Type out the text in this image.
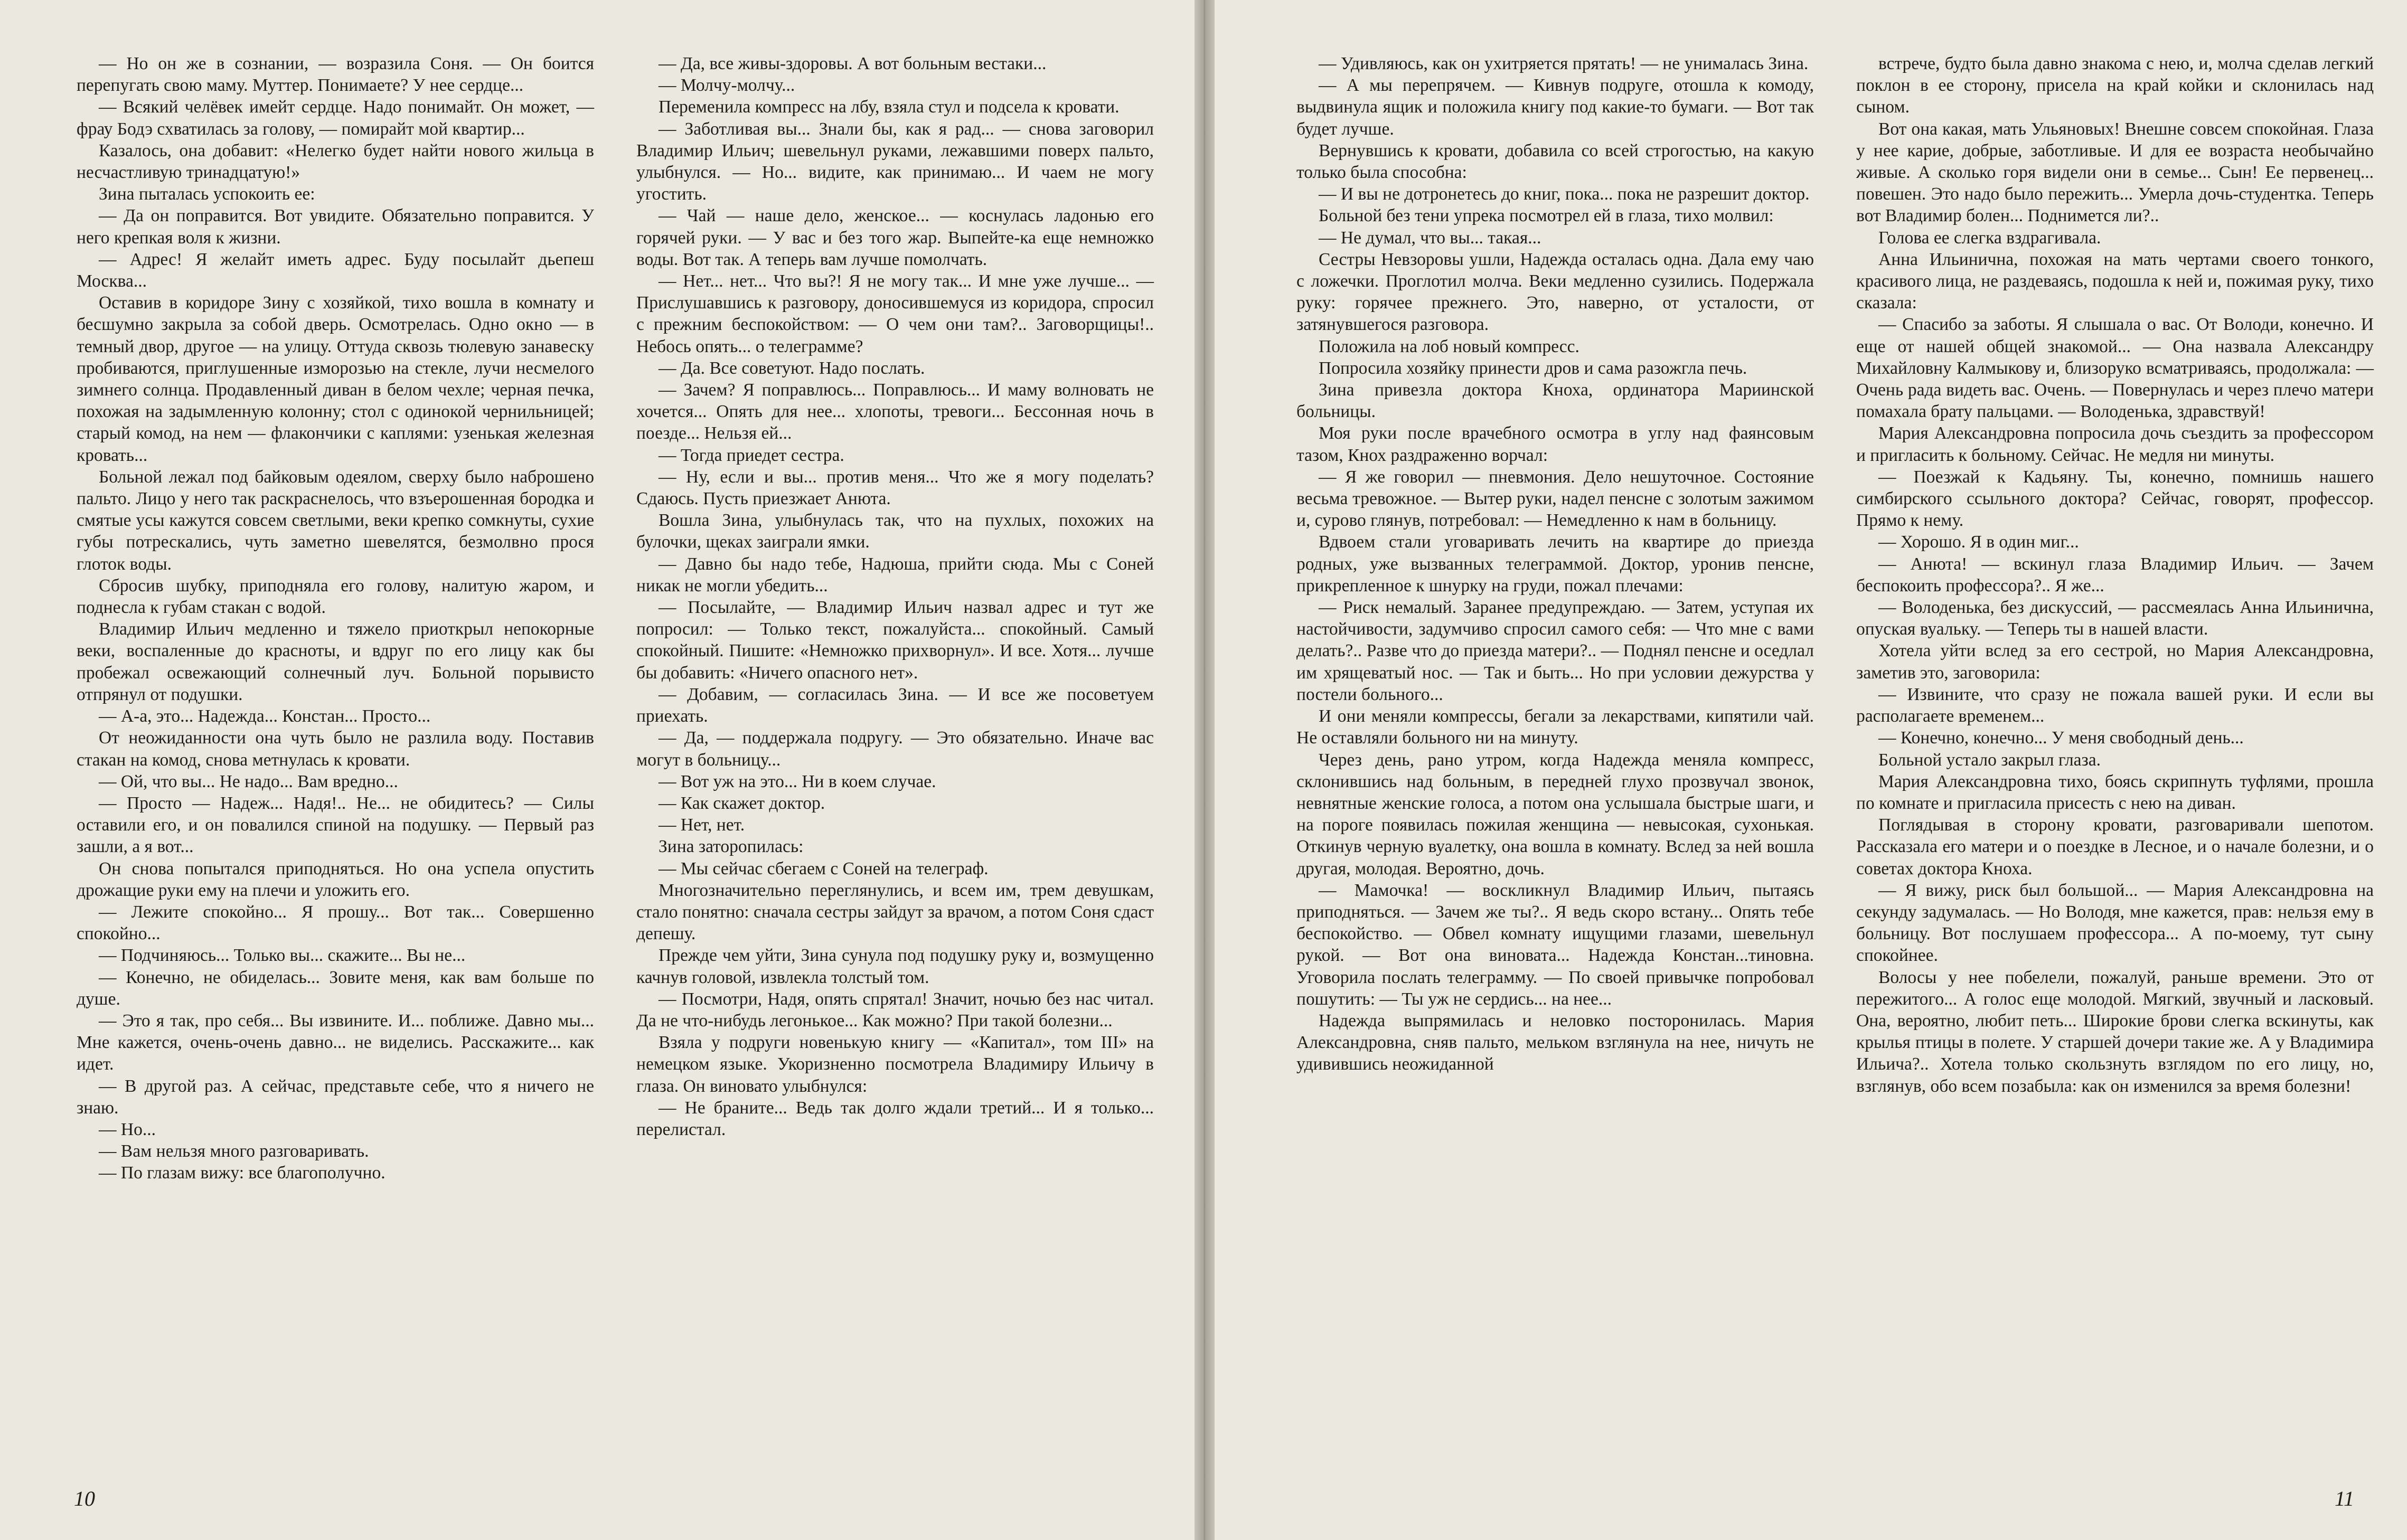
— Но он же в сознании, — возразила Соня. — Он боится перепугать свою маму. Муттер. Понимаете? У нее сердце...

— Всякий челёвек имейт сердце. Надо понимайт. Он может, — фрау Бодэ схватилась за голову, — помирайт мой квартир...

Казалось, она добавит: «Нелегко будет найти нового жильца в несчастливую тринадцатую!»

Зина пыталась успокоить ее:

— Да он поправится. Вот увидите. Обязательно поправится. У него крепкая воля к жизни.

— Адрес! Я желайт иметь адрес. Буду посылайт дьепеш Москва...

Оставив в коридоре Зину с хозяйкой, тихо вошла в комнату и бесшумно закрыла за собой дверь. Осмотрелась. Одно окно — в темный двор, другое — на улицу. Оттуда сквозь тюлевую занавеску пробиваются, приглушенные изморозью на стекле, лучи несмелого зимнего солнца. Продавленный диван в белом чехле; черная печка, похожая на задымленную колонну; стол с одинокой чернильницей; старый комод, на нем — флакончики с каплями: узенькая железная кровать...

Больной лежал под байковым одеялом, сверху было наброшено пальто. Лицо у него так раскраснелось, что взъерошенная бородка и смятые усы кажутся совсем светлыми, веки крепко сомкнуты, сухие губы потрескались, чуть заметно шевелятся, безмолвно прося глоток воды.

Сбросив шубку, приподняла его голову, налитую жаром, и поднесла к губам стакан с водой.

Владимир Ильич медленно и тяжело приоткрыл непокорные веки, воспаленные до красноты, и вдруг по его лицу как бы пробежал освежающий солнечный луч. Больной порывисто отпрянул от подушки.

— А-а, это... Надежда... Констан... Просто...

От неожиданности она чуть было не разлила воду. Поставив стакан на комод, снова метнулась к кровати.

— Ой, что вы... Не надо... Вам вредно...

— Просто — Надеж... Надя!.. Не... не обидитесь? — Силы оставили его, и он повалился спиной на подушку. — Первый раз зашли, а я вот...

Он снова попытался приподняться. Но она успела опустить дрожащие руки ему на плечи и уложить его.

— Лежите спокойно... Я прошу... Вот так... Совершенно спокойно...

— Подчиняюсь... Только вы... скажите... Вы не...

— Конечно, не обиделась... Зовите меня, как вам больше по душе.

— Это я так, про себя... Вы извините. И... поближе. Давно мы... Мне кажется, очень-очень давно... не виделись. Расскажите... как идет.

— В другой раз. А сейчас, представьте себе, что я ничего не знаю.

— Но...

— Вам нельзя много разговаривать.

— По глазам вижу: все благополучно.

— Да, все живы-здоровы. А вот больным вестаки...

— Молчу-молчу...

Переменила компресс на лбу, взяла стул и подсела к кровати.

— Заботливая вы... Знали бы, как я рад... — снова заговорил Владимир Ильич; шевельнул руками, лежавшими поверх пальто, улыбнулся. — Но... видите, как принимаю... И чаем не могу угостить.

— Чай — наше дело, женское... — коснулась ладонью его горячей руки. — У вас и без того жар. Выпейте-ка еще немножко воды. Вот так. А теперь вам лучше помолчать.

— Нет... нет... Что вы?! Я не могу так... И мне уже лучше... — Прислушавшись к разговору, доносившемуся из коридора, спросил с прежним беспокойством: — О чем они там?.. Заговорщицы!.. Небось опять... о телеграмме?

— Да. Все советуют. Надо послать.

— Зачем? Я поправлюсь... Поправлюсь... И маму волновать не хочется... Опять для нее... хлопоты, тревоги... Бессонная ночь в поезде... Нельзя ей...

— Тогда приедет сестра.

— Ну, если и вы... против меня... Что же я могу поделать? Сдаюсь. Пусть приезжает Анюта.

Вошла Зина, улыбнулась так, что на пухлых, похожих на булочки, щеках заиграли ямки.

— Давно бы надо тебе, Надюша, прийти сюда. Мы с Соней никак не могли убедить...

— Посылайте, — Владимир Ильич назвал адрес и тут же попросил: — Только текст, пожалуйста... спокойный. Самый спокойный. Пишите: «Немножко прихворнул». И все. Хотя... лучше бы добавить: «Ничего опасного нет».

— Добавим, — согласилась Зина. — И все же посоветуем приехать.

— Да, — поддержала подругу. — Это обязательно. Иначе вас могут в больницу...

— Вот уж на это... Ни в коем случае.

— Как скажет доктор.

— Нет, нет.

Зина заторопилась:

— Мы сейчас сбегаем с Соней на телеграф.

Многозначительно переглянулись, и всем им, трем девушкам, стало понятно: сначала сестры зайдут за врачом, а потом Соня сдаст депешу.

Прежде чем уйти, Зина сунула под подушку руку и, возмущенно качнув головой, извлекла толстый том.

— Посмотри, Надя, опять спрятал! Значит, ночью без нас читал. Да не что-нибудь легонькое... Как можно? При такой болезни...

Взяла у подруги новенькую книгу — «Капитал», том III» на немецком языке. Укоризненно посмотрела Владимиру Ильичу в глаза. Он виновато улыбнулся:

— Не браните... Ведь так долго ждали третий... И я только... перелистал.

10

— Удивляюсь, как он ухитряется прятать! — не унималась Зина.

— А мы перепрячем. — Кивнув подруге, отошла к комоду, выдвинула ящик и положила книгу под какие-то бумаги. — Вот так будет лучше.

Вернувшись к кровати, добавила со всей строгостью, на какую только была способна:

— И вы не дотронетесь до книг, пока... пока не разрешит доктор.

Больной без тени упрека посмотрел ей в глаза, тихо молвил:

— Не думал, что вы... такая...

Сестры Невзоровы ушли, Надежда осталась одна. Дала ему чаю с ложечки. Проглотил молча. Веки медленно сузились. Подержала руку: горячее прежнего. Это, наверно, от усталости, от затянувшегося разговора.

Положила на лоб новый компресс.

Попросила хозяйку принести дров и сама разожгла печь.

Зина привезла доктора Кноха, ординатора Мариинской больницы.

Моя руки после врачебного осмотра в углу над фаянсовым тазом, Кнох раздраженно ворчал:

— Я же говорил — пневмония. Дело нешуточное. Состояние весьма тревожное. — Вытер руки, надел пенсне с золотым зажимом и, сурово глянув, потребовал: — Немедленно к нам в больницу.

Вдвоем стали уговаривать лечить на квартире до приезда родных, уже вызванных телеграммой. Доктор, уронив пенсне, прикрепленное к шнурку на груди, пожал плечами:

— Риск немалый. Заранее предупреждаю. — Затем, уступая их настойчивости, задумчиво спросил самого себя: — Что мне с вами делать?.. Разве что до приезда матери?.. — Поднял пенсне и оседлал им хрящеватый нос. — Так и быть... Но при условии дежурства у постели больного...

И они меняли компрессы, бегали за лекарствами, кипятили чай. Не оставляли больного ни на минуту.

Через день, рано утром, когда Надежда меняла компресс, склонившись над больным, в передней глухо прозвучал звонок, невнятные женские голоса, а потом она услышала быстрые шаги, и на пороге появилась пожилая женщина — невысокая, сухонькая. Откинув черную вуалетку, она вошла в комнату. Вслед за ней вошла другая, молодая. Вероятно, дочь.

— Мамочка! — воскликнул Владимир Ильич, пытаясь приподняться. — Зачем же ты?.. Я ведь скоро встану... Опять тебе беспокойство. — Обвел комнату ищущими глазами, шевельнул рукой. — Вот она виновата... Надежда Констан...тиновна. Уговорила послать телеграмму. — По своей привычке попробовал пошутить: — Ты уж не сердись... на нее...

Надежда выпрямилась и неловко посторонилась. Мария Александровна, сняв пальто, мельком взглянула на нее, ничуть не удивившись неожиданной

встрече, будто была давно знакома с нею, и, молча сделав легкий поклон в ее сторону, присела на край койки и склонилась над сыном.

Вот она какая, мать Ульяновых! Внешне совсем спокойная. Глаза у нее карие, добрые, заботливые. И для ее возраста необычайно живые. А сколько горя видели они в семье... Сын! Ее первенец... повешен. Это надо было пережить... Умерла дочь-студентка. Теперь вот Владимир болен... Поднимется ли?..

Голова ее слегка вздрагивала.

Анна Ильинична, похожая на мать чертами своего тонкого, красивого лица, не раздеваясь, подошла к ней и, пожимая руку, тихо сказала:

— Спасибо за заботы. Я слышала о вас. От Володи, конечно. И еще от нашей общей знакомой... — Она назвала Александру Михайловну Калмыкову и, близоруко всматриваясь, продолжала: — Очень рада видеть вас. Очень. — Повернулась и через плечо матери помахала брату пальцами. — Володенька, здравствуй!

Мария Александровна попросила дочь съездить за профессором и пригласить к больному. Сейчас. Не медля ни минуты.

— Поезжай к Кадьяну. Ты, конечно, помнишь нашего симбирского ссыльного доктора? Сейчас, говорят, профессор. Прямо к нему.

— Хорошо. Я в один миг...

— Анюта! — вскинул глаза Владимир Ильич. — Зачем беспокоить профессора?.. Я же...

— Володенька, без дискуссий, — рассмеялась Анна Ильинична, опуская вуальку. — Теперь ты в нашей власти.

Хотела уйти вслед за его сестрой, но Мария Александровна, заметив это, заговорила:

— Извините, что сразу не пожала вашей руки. И если вы располагаете временем...

— Конечно, конечно... У меня свободный день...

Больной устало закрыл глаза.

Мария Александровна тихо, боясь скрипнуть туфлями, прошла по комнате и пригласила присесть с нею на диван.

Поглядывая в сторону кровати, разговаривали шепотом. Рассказала его матери и о поездке в Лесное, и о начале болезни, и о советах доктора Кноха.

— Я вижу, риск был большой... — Мария Александровна на секунду задумалась. — Но Володя, мне кажется, прав: нельзя ему в больницу. Вот послушаем профессора... А по-моему, тут сыну спокойнее.

Волосы у нее побелели, пожалуй, раньше времени. Это от пережитого... А голос еще молодой. Мягкий, звучный и ласковый. Она, вероятно, любит петь... Широкие брови слегка вскинуты, как крылья птицы в полете. У старшей дочери такие же. А у Владимира Ильича?.. Хотела только скользнуть взглядом по его лицу, но, взглянув, обо всем позабыла: как он изменился за время болезни!

11
